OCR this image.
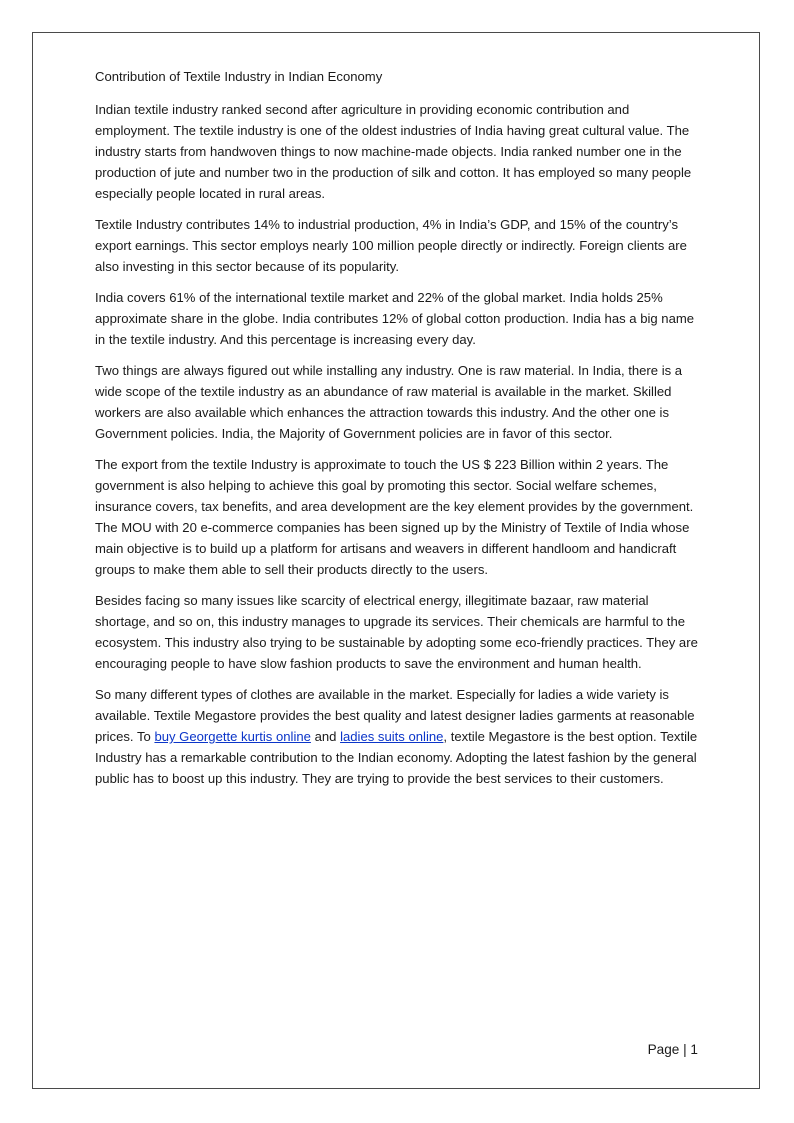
Contribution of Textile Industry in Indian Economy

Indian textile industry ranked second after agriculture in providing economic contribution and employment. The textile industry is one of the oldest industries of India having great cultural value. The industry starts from handwoven things to now machine-made objects. India ranked number one in the production of jute and number two in the production of silk and cotton. It has employed so many people especially people located in rural areas.

Textile Industry contributes 14% to industrial production, 4% in India’s GDP, and 15% of the country’s export earnings. This sector employs nearly 100 million people directly or indirectly. Foreign clients are also investing in this sector because of its popularity.

India covers 61% of the international textile market and 22% of the global market. India holds 25% approximate share in the globe. India contributes 12% of global cotton production. India has a big name in the textile industry. And this percentage is increasing every day.

Two things are always figured out while installing any industry. One is raw material. In India, there is a wide scope of the textile industry as an abundance of raw material is available in the market. Skilled workers are also available which enhances the attraction towards this industry. And the other one is Government policies. India, the Majority of Government policies are in favor of this sector.

The export from the textile Industry is approximate to touch the US $ 223 Billion within 2 years. The government is also helping to achieve this goal by promoting this sector. Social welfare schemes, insurance covers, tax benefits, and area development are the key element provides by the government. The MOU with 20 e-commerce companies has been signed up by the Ministry of Textile of India whose main objective is to build up a platform for artisans and weavers in different handloom and handicraft groups to make them able to sell their products directly to the users.

Besides facing so many issues like scarcity of electrical energy, illegitimate bazaar, raw material shortage, and so on, this industry manages to upgrade its services. Their chemicals are harmful to the ecosystem. This industry also trying to be sustainable by adopting some eco-friendly practices. They are encouraging people to have slow fashion products to save the environment and human health.

So many different types of clothes are available in the market. Especially for ladies a wide variety is available. Textile Megastore provides the best quality and latest designer ladies garments at reasonable prices. To buy Georgette kurtis online and ladies suits online, textile Megastore is the best option. Textile Industry has a remarkable contribution to the Indian economy. Adopting the latest fashion by the general public has to boost up this industry. They are trying to provide the best services to their customers.

Page | 1
